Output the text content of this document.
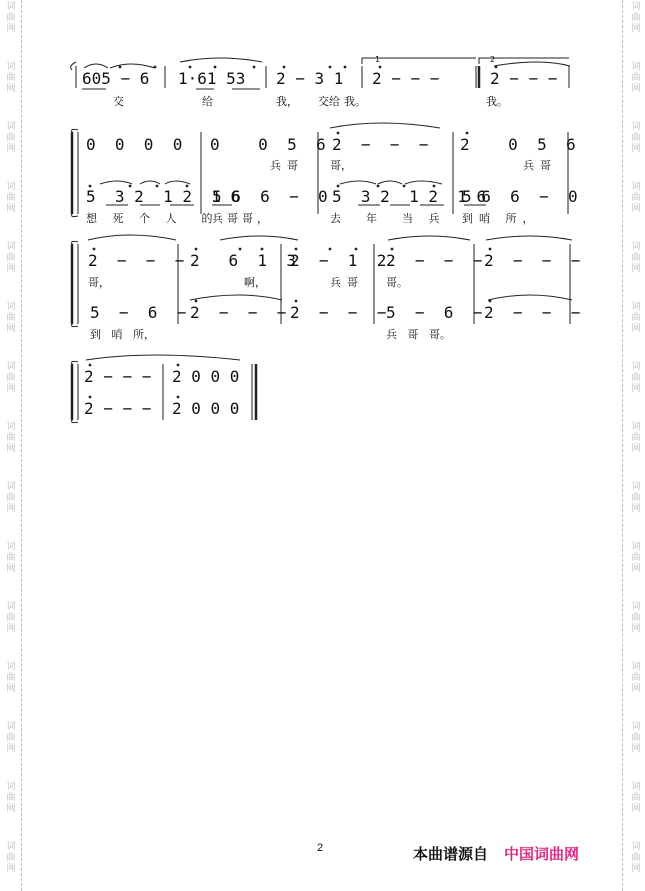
词
曲
网
词
曲
网
词
曲
网
词
曲
网
词
曲
网
词
曲
网
词
曲
网
词
曲
网
词
曲
网
词
曲
网
词
曲
网
词
曲
网
词
曲
网
词
曲
网
词
曲
网
词
曲
网
词
曲
网
词
曲
网
词
曲
网
词
曲
网
词
曲
网
词
曲
网
词
曲
网
词
曲
网
词
曲
网
词
曲
网
词
曲
网
词
曲
网
词
曲
网
词
曲
网
605 − 6 1·61 53 2 − 3 1 2 − − −	2 − − −
1	2
交	给	我， 交给 我。	我。
0  0  0  0 0    0  5  6 2  −  −  − 2    0  5  6
兵哥 哥，	兵哥
5  3 2  1 2  1 6
5 6  6  −  0 5  3 2  1 2  1 6
5 6  6  −  0
想 死 个 人  的
兵哥哥，	去  年  当 兵 到哨 所，
2  −  −  − 2   6  1  3
2  −  1  2 2  −  −  − 2  −  −  −
哥，	啊，	兵哥 哥。
5  −  6  − 2  −  −  − 2  −  −  − 5  −  6  − 2  −  −  −
到   哨   所，	兵   哥   哥。
2 − − − 2 0 0 0
2 − − − 2 0 0 0
2	本曲谱源自 中国词曲网
